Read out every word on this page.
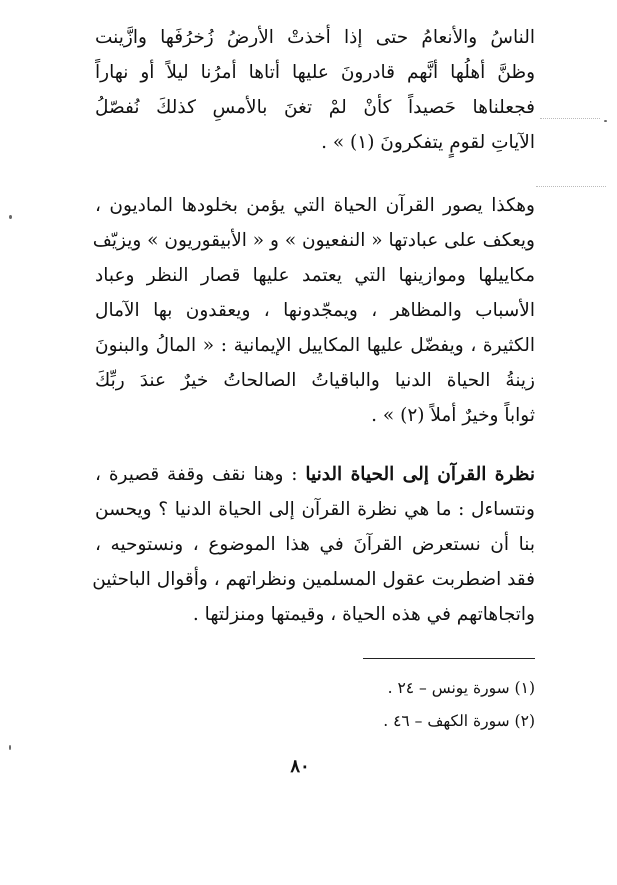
الناسُ والأنعامُ حتى إذا أخذتْ الأرضُ زُخرُفَها وازَّينت
وظنَّ أهلُها أنَّهم قادرونَ عليها أتاها أمرُنا ليلاً أو نهاراً
فجعلناها حَصيداً كأنْ لمْ تغنَ بالأمسِ كذلكَ نُفصّلُ
الآياتِ لقومٍ يتفكرونَ (١) » .
وهكذا يصور القرآن الحياة التي يؤمن بخلودها الماديون ،
ويعكف على عبادتها « النفعيون » و « الأبيقوريون » ويزيّف
مكاييلها وموازينها التي يعتمد عليها قصار النظر وعباد
الأسباب والمظاهر ، ويمجّدونها ، ويعقدون بها الآمال
الكثيرة ، ويفضّل عليها المكاييل الإيمانية : « المالُ والبنونَ
زينةُ الحياة الدنيا والباقياتُ الصالحاتُ خيرٌ عندَ ربِّكَ
ثواباً وخيرٌ أملاً (٢) » .
نظرة القرآن إلى الحياة الدنيا : وهنا نقف وقفة قصيرة ،
ونتساءل : ما هي نظرة القرآن إلى الحياة الدنيا ؟ ويحسن
بنا أن نستعرض القرآنَ في هذا الموضوع ، ونستوحيه ،
فقد اضطربت عقول المسلمين ونظراتهم ، وأقوال الباحثين
واتجاهاتهم في هذه الحياة ، وقيمتها ومنزلتها .
(١) سورة يونس – ٢٤ .
(٢) سورة الكهف – ٤٦ .
٨٠
